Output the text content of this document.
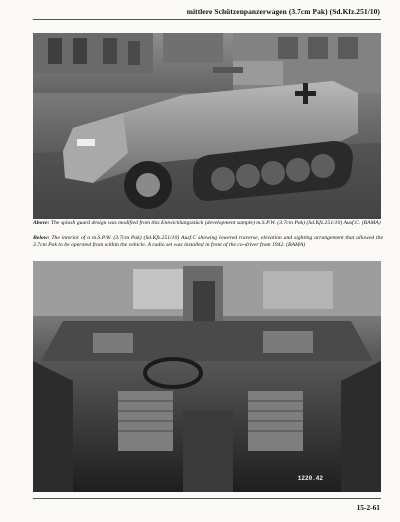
mittlere Schützenpanzerwagen (3.7cm Pak) (Sd.Kfz.251/10)
Above: The splash guard design was modified from this Entwicklungsstück (development sample) m.S.P.W. (3.7cm Pak) (Sd.Kfz.251/10) Ausf.C. (BAMA)
Below: The interior of a m.S.P.W. (3.7cm Pak) (Sd.Kfz.251/10) Ausf.C showing lowered traverse, elevation and sighting arrangement that allowed the 3.7cm Pak to be operated from within the vehicle. A radio set was installed in front of the co-driver from 1942. (BAMA)
1220.42
15-2-61
